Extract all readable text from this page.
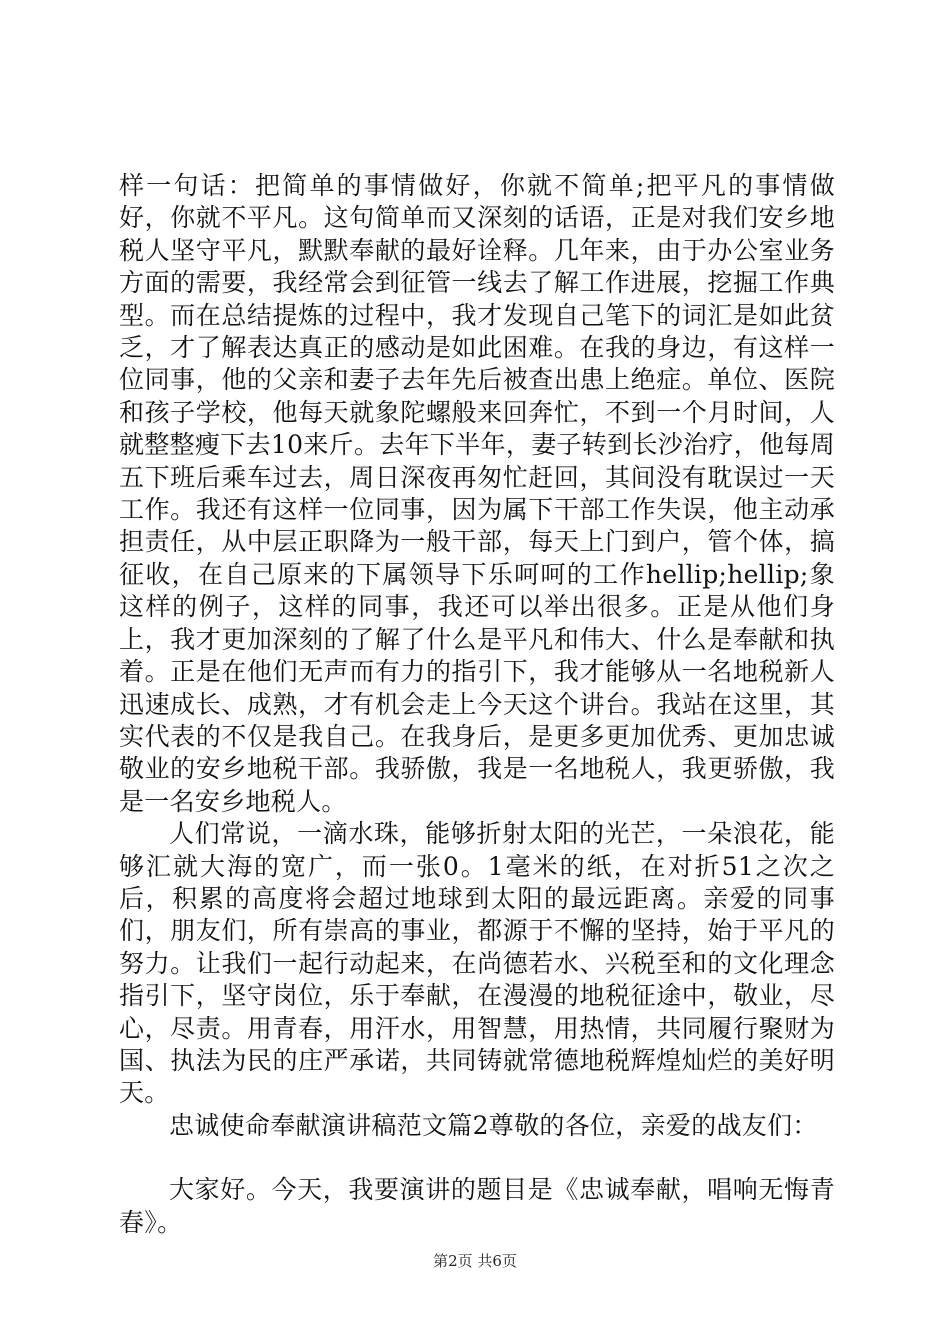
样一句话：把简单的事情做好，你就不简单;把平凡的事情做好，你就不平凡。这句简单而又深刻的话语，正是对我们安乡地税人坚守平凡，默默奉献的最好诠释。几年来，由于办公室业务方面的需要，我经常会到征管一线去了解工作进展，挖掘工作典型。而在总结提炼的过程中，我才发现自己笔下的词汇是如此贫乏，才了解表达真正的感动是如此困难。在我的身边，有这样一位同事，他的父亲和妻子去年先后被查出患上绝症。单位、医院和孩子学校，他每天就象陀螺般来回奔忙，不到一个月时间，人就整整瘦下去10来斤。去年下半年，妻子转到长沙治疗，他每周五下班后乘车过去，周日深夜再匆忙赶回，其间没有耽误过一天工作。我还有这样一位同事，因为属下干部工作失误，他主动承担责任，从中层正职降为一般干部，每天上门到户，管个体，搞征收，在自己原来的下属领导下乐呵呵的工作hellip;hellip;象这样的例子，这样的同事，我还可以举出很多。正是从他们身上，我才更加深刻的了解了什么是平凡和伟大、什么是奉献和执着。正是在他们无声而有力的指引下，我才能够从一名地税新人迅速成长、成熟，才有机会走上今天这个讲台。我站在这里，其实代表的不仅是我自己。在我身后，是更多更加优秀、更加忠诚敬业的安乡地税干部。我骄傲，我是一名地税人，我更骄傲，我是一名安乡地税人。

人们常说，一滴水珠，能够折射太阳的光芒，一朵浪花，能够汇就大海的宽广，而一张0。1毫米的纸，在对折51之次之后，积累的高度将会超过地球到太阳的最远距离。亲爱的同事们，朋友们，所有崇高的事业，都源于不懈的坚持，始于平凡的努力。让我们一起行动起来，在尚德若水、兴税至和的文化理念指引下，坚守岗位，乐于奉献，在漫漫的地税征途中，敬业，尽心，尽责。用青春，用汗水，用智慧，用热情，共同履行聚财为国、执法为民的庄严承诺，共同铸就常德地税辉煌灿烂的美好明天。

忠诚使命奉献演讲稿范文篇2尊敬的各位，亲爱的战友们：

大家好。今天，我要演讲的题目是《忠诚奉献，唱响无悔青春》。

第2页 共6页
